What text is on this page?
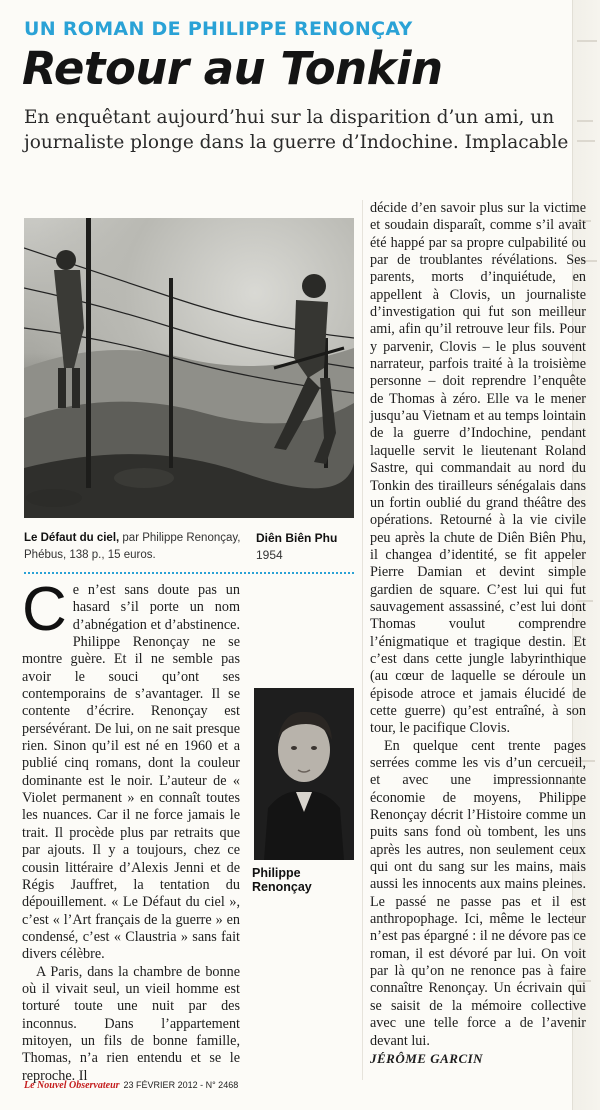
UN ROMAN DE PHILIPPE RENONÇAY
Retour au Tonkin
En enquêtant aujourd’hui sur la disparition d’un ami, un journaliste plonge dans la guerre d’Indochine. Implacable
Le Défaut du ciel, par Philippe Renonçay, Phébus, 138 p., 15 euros.
Diên Biên Phu
1954

Ce n’est sans doute pas un hasard s’il porte un nom d’abnégation et d’abstinence. Philippe Renonçay ne se montre guère. Et il ne semble pas avoir le souci qu’ont ses contemporains de s’avantager. Il se contente d’écrire. Renonçay est persévérant. De lui, on ne sait presque rien. Sinon qu’il est né en 1960 et a publié cinq romans, dont la couleur dominante est le noir. L’auteur de « Violet permanent » en connaît toutes les nuances. Car il ne force jamais le trait. Il procède plus par retraits que par ajouts. Il y a toujours, chez ce cousin littéraire d’Alexis Jenni et de Régis Jauffret, la tentation du dépouillement. « Le Défaut du ciel », c’est « l’Art français de la guerre » en condensé, c’est « Claustria » sans fait divers célèbre.

A Paris, dans la chambre de bonne où il vivait seul, un vieil homme est torturé toute une nuit par des inconnus. Dans l’appartement mitoyen, un fils de bonne famille, Thomas, n’a rien entendu et se le reproche. Il

Philippe Renonçay

décide d’en savoir plus sur la victime et soudain disparaît, comme s’il avait été happé par sa propre culpabilité ou par de troublantes révélations. Ses parents, morts d’inquiétude, en appellent à Clovis, un journaliste d’investigation qui fut son meilleur ami, afin qu’il retrouve leur fils. Pour y parvenir, Clovis – le plus souvent narrateur, parfois traité à la troisième personne – doit reprendre l’enquête de Thomas à zéro. Elle va le mener jusqu’au Vietnam et au temps lointain de la guerre d’Indochine, pendant laquelle servit le lieutenant Roland Sastre, qui commandait au nord du Tonkin des tirailleurs sénégalais dans un fortin oublié du grand théâtre des opérations. Retourné à la vie civile peu après la chute de Diên Biên Phu, il changea d’identité, se fit appeler Pierre Damian et devint simple gardien de square. C’est lui qui fut sauvagement assassiné, c’est lui dont Thomas voulut comprendre l’énigmatique et tragique destin. Et c’est dans cette jungle labyrinthique (au cœur de laquelle se déroule un épisode atroce et jamais élucidé de cette guerre) qu’est entraîné, à son tour, le pacifique Clovis.

En quelque cent trente pages serrées comme les vis d’un cercueil, et avec une impressionnante économie de moyens, Philippe Renonçay décrit l’Histoire comme un puits sans fond où tombent, les uns après les autres, non seulement ceux qui ont du sang sur les mains, mais aussi les innocents aux mains pleines. Le passé ne passe pas et il est anthropophage. Ici, même le lecteur n’est pas épargné : il ne dévore pas ce roman, il est dévoré par lui. On voit par là qu’on ne renonce pas à faire connaître Renonçay. Un écrivain qui se saisit de la mémoire collective avec une telle force a de l’avenir devant lui.

JÉRÔME GARCIN

Le Nouvel Observateur 23 FÉVRIER 2012 - N° 2468
